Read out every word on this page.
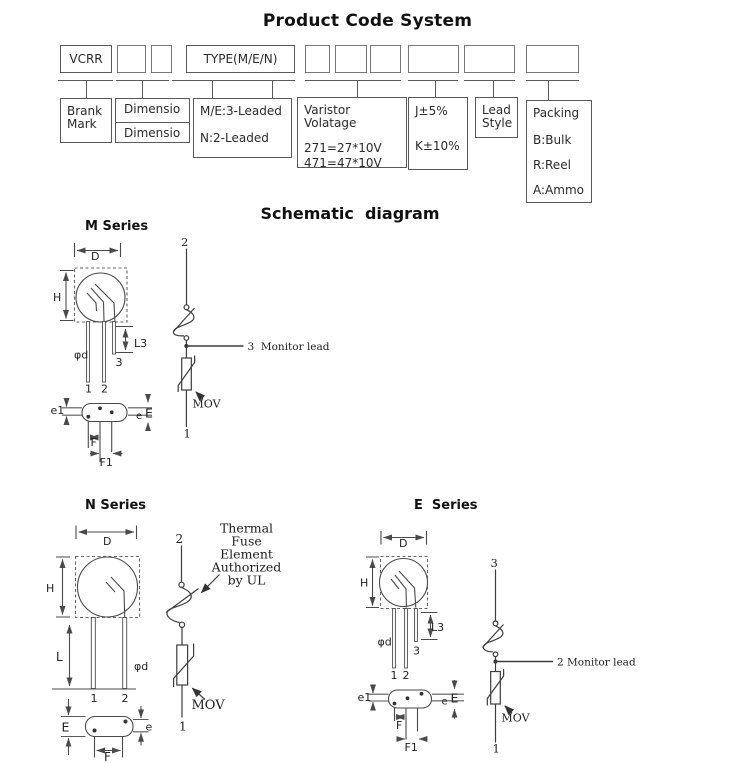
Product Code System
VCRR	TYPE(M/E/N)
Brank
Mark
Dimensio
Dimensio
M/E:3-Leaded
N:2-Leaded
Varistor Volatage
271=27*10V
471=47*10V
J±5%
K±10%
Lead
Style
Packing
B:Bulk
R:Reel
A:Ammo
Schematic  diagram
M Series
D
H
L3
φd
3
1 2
e1	e E
F
F1
2
3  Monitor lead
MOV
1
N Series
D
H
L
φd
1 2
E	e
F
2
1
MOV
Thermal
Fuse
Element
Authorized
by UL
E  Series
D
H
L3
φd
3
1 2
e1	e E
F
F1
3
2 Monitor lead
MOV
1
